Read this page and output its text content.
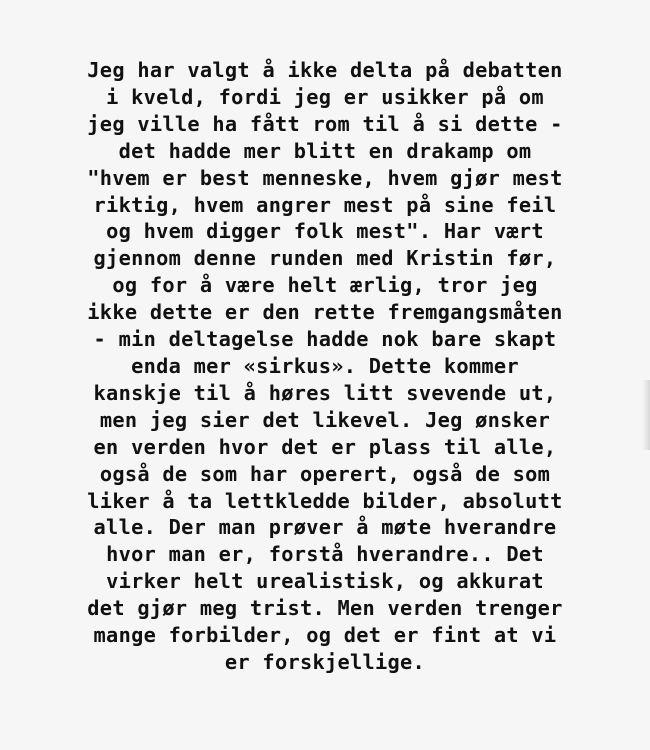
Jeg har valgt å ikke delta på debatten
i kveld, fordi jeg er usikker på om
jeg ville ha fått rom til å si dette -
det hadde mer blitt en drakamp om
"hvem er best menneske, hvem gjør mest
riktig, hvem angrer mest på sine feil
og hvem digger folk mest". Har vært
gjennom denne runden med Kristin før,
og for å være helt ærlig, tror jeg
ikke dette er den rette fremgangsmåten
- min deltagelse hadde nok bare skapt
enda mer «sirkus». Dette kommer
kanskje til å høres litt svevende ut,
men jeg sier det likevel. Jeg ønsker
en verden hvor det er plass til alle,
også de som har operert, også de som
liker å ta lettkledde bilder, absolutt
alle. Der man prøver å møte hverandre
hvor man er, forstå hverandre.. Det
virker helt urealistisk, og akkurat
det gjør meg trist. Men verden trenger
mange forbilder, og det er fint at vi
er forskjellige.
